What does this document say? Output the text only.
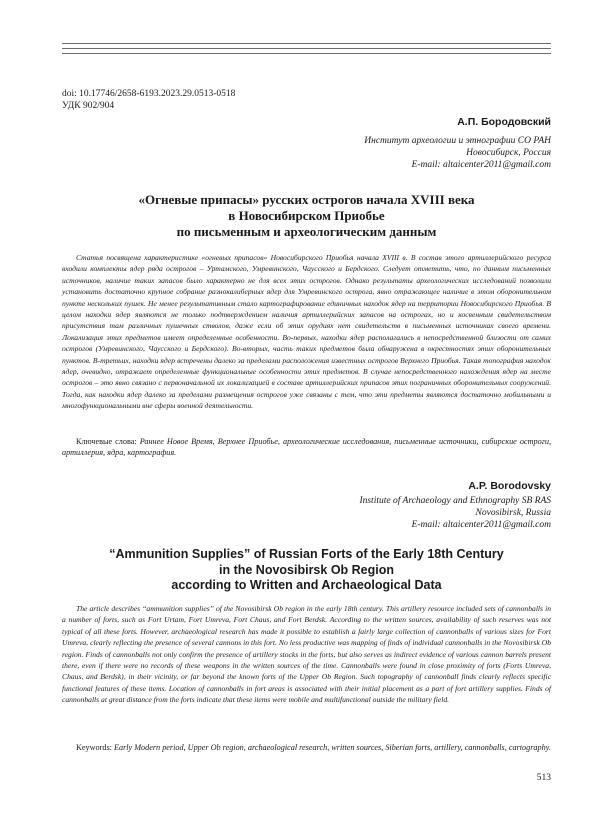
doi: 10.17746/2658-6193.2023.29.0513-0518
УДК 902/904
А.П. Бородовский
Институт археологии и этнографии СО РАН
Новосибирск, Россия
E-mail: altaicenter2011@gmail.com
«Огневые припасы» русских острогов начала XVIII века
в Новосибирском Приобье
по письменным и археологическим данным
Статья посвящена характеристике «огневых припасов» Новосибирского Приобья начала XVIII в. В состав этого артиллерийского ресурса входили комплекты ядер ряда острогов – Уртамского, Умревинского, Чаусского и Бердского. Следует отметить, что, по данным письменных источников, наличие таких запасов было характерно не для всех этих острогов. Однако результаты археологических исследований позволили установить достаточно крупное собрание разнокалиберных ядер для Умревинского острога, явно отражающее наличие в этом оборонительном пункте нескольких пушек. Не менее результативным стало картографирование единичных находок ядер на территории Новосибирского Приобья. В целом находки ядер являются не только подтверждением наличия артиллерийских запасов на острогах, но и косвенным свидетельством присутствия там различных пушечных стволов, даже если об этих орудиях нет свидетельств в письменных источниках своего времени. Локализация этих предметов имеет определенные особенности. Во-первых, находки ядер располагались в непосредственной близости от самих острогов (Умревинского, Чаусского и Бердского). Во-вторых, часть таких предметов была обнаружена в окрестностях этих оборонительных пунктов. В-третьих, находки ядер встречены далеко за пределами расположения известных острогов Верхнего Приобья. Такая топография находок ядер, очевидно, отражает определенные функциональные особенности этих предметов. В случае непосредственного нахождения ядер на месте острогов – это явно связано с первоначальной их локализацией в составе артиллерийских припасов этих пограничных оборонительных сооружений. Тогда, как находки ядер далеко за пределами размещения острогов уже связаны с тем, что эти предметы являются достаточно мобильными и многофункциональными вне сферы военной деятельности.
Ключевые слова: Раннее Новое Время, Верхнее Приобье, археологические исследования, письменные источники, сибирские остроги, артиллерия, ядра, картография.
A.P. Borodovsky
Institute of Archaeology and Ethnography SB RAS
Novosibirsk, Russia
E-mail: altaicenter2011@gmail.com
“Ammunition Supplies” of Russian Forts of the Early 18th Century
in the Novosibirsk Ob Region
according to Written and Archaeological Data
The article describes “ammunition supplies” of the Novosibirsk Ob region in the early 18th century. This artillery resource included sets of cannonballs in a number of forts, such as Fort Urtam, Fort Umreva, Fort Chaus, and Fort Berdsk. According to the written sources, availability of such reserves was not typical of all these forts. However, archaeological research has made it possible to establish a fairly large collection of cannonballs of various sizes for Fort Umreva, clearly reflecting the presence of several cannons in this fort. No less productive was mapping of finds of individual cannonballs in the Novosibirsk Ob region. Finds of cannonballs not only confirm the presence of artillery stocks in the forts, but also serves as indirect evidence of various cannon barrels present there, even if there were no records of these weapons in the written sources of the time. Cannonballs were found in close proximity of forts (Forts Umreva, Chaus, and Berdsk), in their vicinity, or far beyond the known forts of the Upper Ob Region. Such topography of cannonball finds clearly reflects specific functional features of these items. Location of cannonballs in fort areas is associated with their initial placement as a part of fort artillery supplies. Finds of cannonballs at great distance from the forts indicate that these items were mobile and multifunctional outside the military field.
Keywords: Early Modern period, Upper Ob region, archaeological research, written sources, Siberian forts, artillery, cannonballs, cartography.
513
